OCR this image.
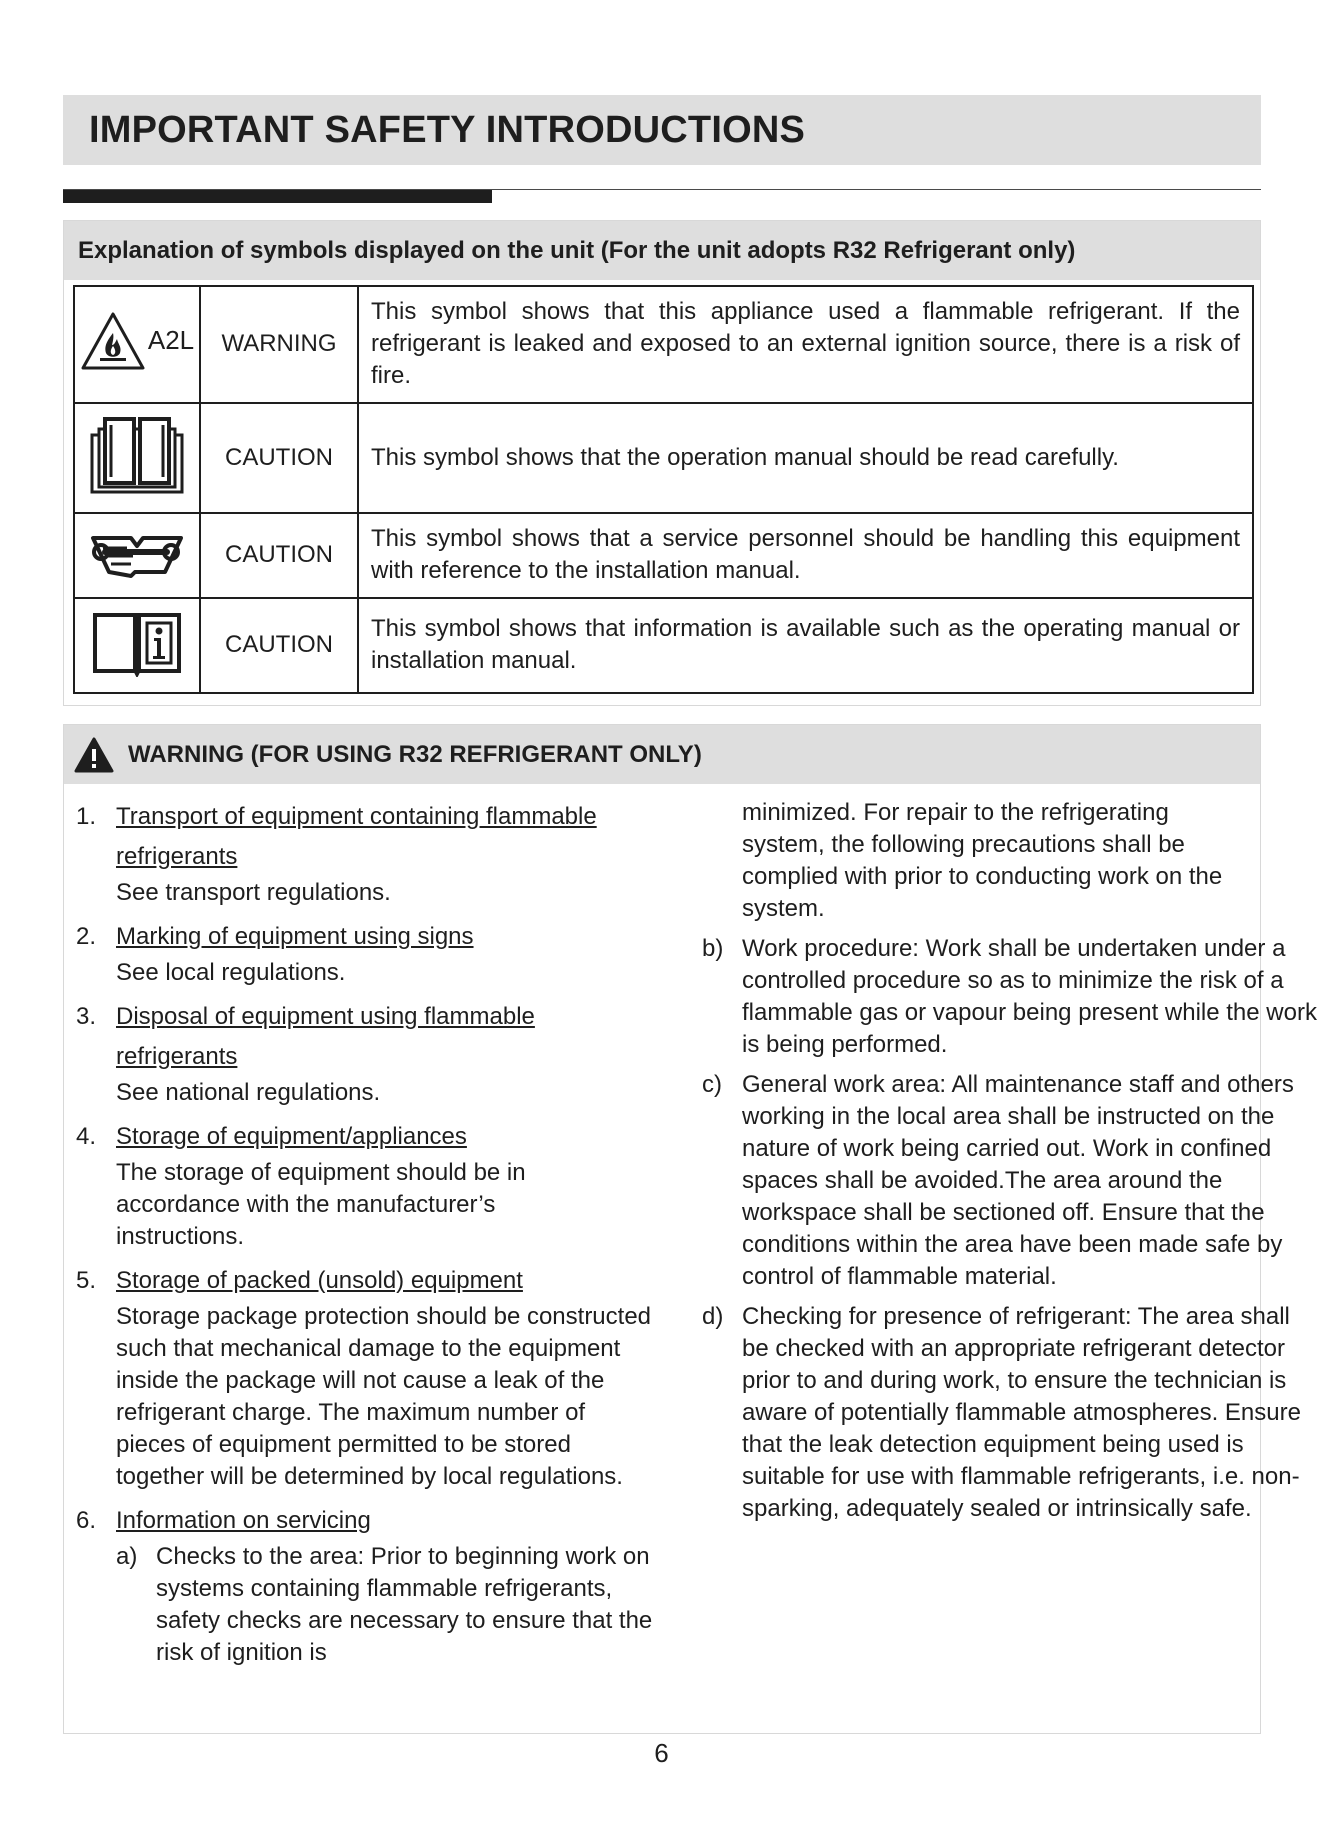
IMPORTANT SAFETY INTRODUCTIONS
Explanation of symbols displayed on the unit (For the unit adopts R32 Refrigerant only)
A2L	WARNING	This symbol shows that this appliance used a flammable refrigerant. If the refrigerant is leaked and exposed to an external ignition source, there is a risk of fire.
	CAUTION	This symbol shows that the operation manual should be read carefully.
	CAUTION	This symbol shows that a service personnel should be handling this equipment with reference to the installation manual.
	CAUTION	This symbol shows that information is available such as the operating manual or installation manual.
WARNING (FOR USING R32 REFRIGERANT ONLY)
1. Transport of equipment containing flammable refrigerants
See transport regulations.
2. Marking of equipment using signs
See local regulations.
3. Disposal of equipment using flammable refrigerants
See national regulations.
4. Storage of equipment/appliances
The storage of equipment should be in accordance with the manufacturer’s instructions.
5. Storage of packed (unsold) equipment
Storage package protection should be constructed such that mechanical damage to the equipment inside the package will not cause a leak of the refrigerant charge. The maximum number of pieces of equipment permitted to be stored together will be determined by local regulations.
6. Information on servicing
a) Checks to the area: Prior to beginning work on systems containing flammable refrigerants, safety checks are necessary to ensure that the risk of ignition is
minimized. For repair to the refrigerating system, the following precautions shall be complied with prior to conducting work on the system.
b) Work procedure: Work shall be undertaken under a controlled procedure so as to minimize the risk of a flammable gas or vapour being present while the work is being performed.
c) General work area: All maintenance staff and others working in the local area shall be instructed on the nature of work being carried out. Work in confined spaces shall be avoided.The area around the workspace shall be sectioned off. Ensure that the conditions within the area have been made safe by control of flammable material.
d) Checking for presence of refrigerant: The area shall be checked with an appropriate refrigerant detector prior to and during work, to ensure the technician is aware of potentially flammable atmospheres. Ensure that the leak detection equipment being used is suitable for use with flammable refrigerants, i.e. non-sparking, adequately sealed or intrinsically safe.
6
